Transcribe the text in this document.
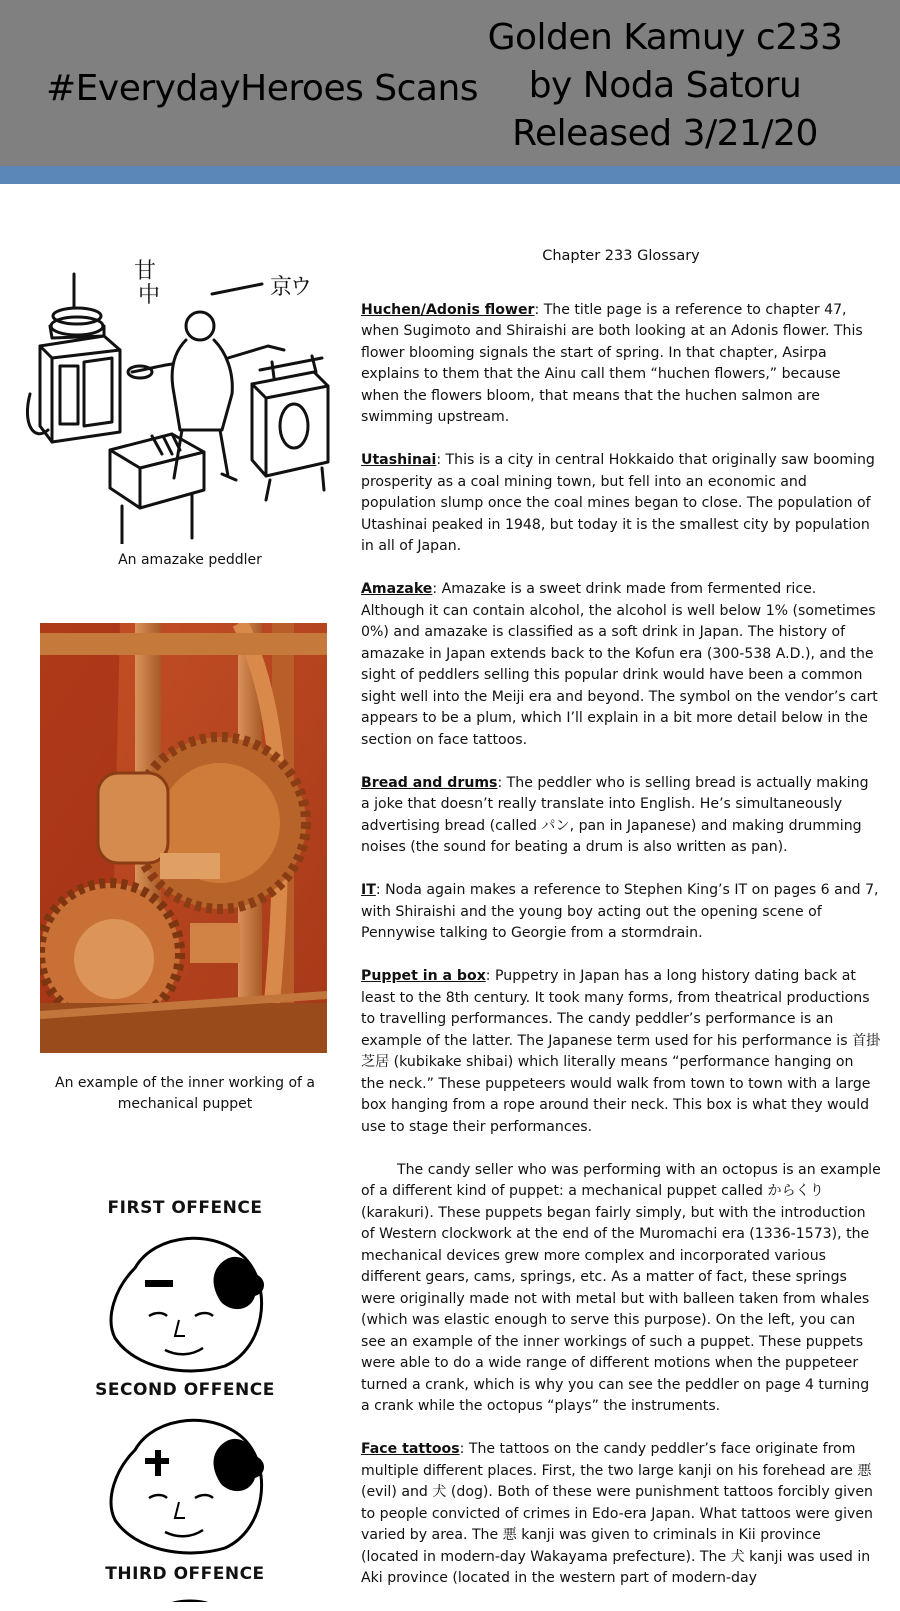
#EverydayHeroes Scans
Golden Kamuy c233
by Noda Satoru
Released 3/21/20
京
ウ
甘
中
An amazake peddler
An example of the inner working of a mechanical puppet
FIRST OFFENCE
SECOND OFFENCE
THIRD OFFENCE
Chapter 233 Glossary

Huchen/Adonis flower: The title page is a reference to chapter 47, when Sugimoto and Shiraishi are both looking at an Adonis flower. This flower blooming signals the start of spring. In that chapter, Asirpa explains to them that the Ainu call them “huchen flowers,” because when the flowers bloom, that means that the huchen salmon are swimming upstream.

Utashinai: This is a city in central Hokkaido that originally saw booming prosperity as a coal mining town, but fell into an economic and population slump once the coal mines began to close. The population of Utashinai peaked in 1948, but today it is the smallest city by population in all of Japan.

Amazake: Amazake is a sweet drink made from fermented rice. Although it can contain alcohol, the alcohol is well below 1% (sometimes 0%) and amazake is classified as a soft drink in Japan. The history of amazake in Japan extends back to the Kofun era (300-538 A.D.), and the sight of peddlers selling this popular drink would have been a common sight well into the Meiji era and beyond. The symbol on the vendor’s cart appears to be a plum, which I’ll explain in a bit more detail below in the section on face tattoos.

Bread and drums: The peddler who is selling bread is actually making a joke that doesn’t really translate into English. He’s simultaneously advertising bread (called パン, pan in Japanese) and making drumming noises (the sound for beating a drum is also written as pan).

IT: Noda again makes a reference to Stephen King’s IT on pages 6 and 7, with Shiraishi and the young boy acting out the opening scene of Pennywise talking to Georgie from a stormdrain.

Puppet in a box: Puppetry in Japan has a long history dating back at least to the 8th century. It took many forms, from theatrical productions to travelling performances. The candy peddler’s performance is an example of the latter. The Japanese term used for his performance is 首掛芝居 (kubikake shibai) which literally means “performance hanging on the neck.” These puppeteers would walk from town to town with a large box hanging from a rope around their neck. This box is what they would use to stage their performances.

The candy seller who was performing with an octopus is an example of a different kind of puppet: a mechanical puppet called からくり (karakuri). These puppets began fairly simply, but with the introduction of Western clockwork at the end of the Muromachi era (1336-1573), the mechanical devices grew more complex and incorporated various different gears, cams, springs, etc. As a matter of fact, these springs were originally made not with metal but with balleen taken from whales (which was elastic enough to serve this purpose). On the left, you can see an example of the inner workings of such a puppet. These puppets were able to do a wide range of different motions when the puppeteer turned a crank, which is why you can see the peddler on page 4 turning a crank while the octopus “plays” the instruments.

Face tattoos: The tattoos on the candy peddler’s face originate from multiple different places. First, the two large kanji on his forehead are 悪 (evil) and 犬 (dog). Both of these were punishment tattoos forcibly given to people convicted of crimes in Edo-era Japan. What tattoos were given varied by area. The 悪 kanji was given to criminals in Kii province (located in modern-day Wakayama prefecture). The 犬 kanji was used in Aki province (located in the western part of modern-day
